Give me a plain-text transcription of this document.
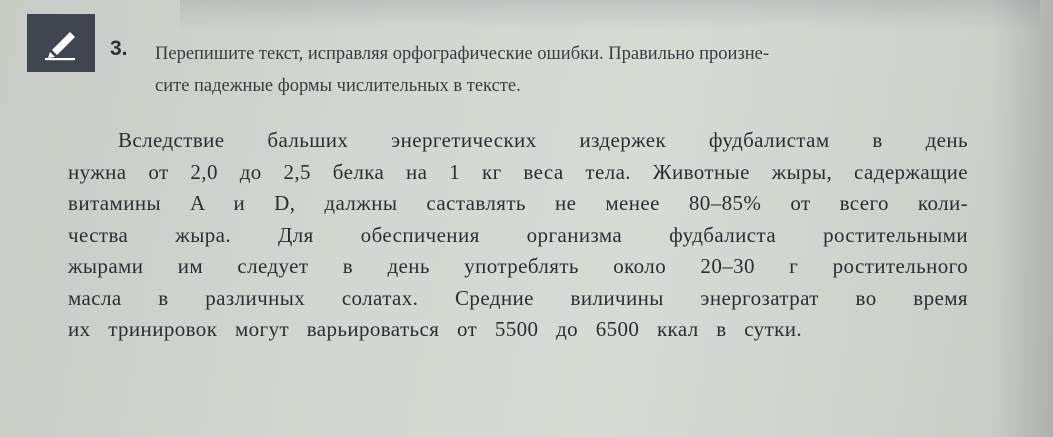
3. Перепишите текст, исправляя орфографические ошибки. Правильно произне-
сите падежные формы числительных в тексте.
Вследствие бальших энергетических издержек фудбалистам в день
нужна от 2,0 до 2,5 белка на 1 кг веса тела. Животные жыры, садержащие
витамины A и D, далжны саставлять не менее 80–85% от всего коли-
чества жыра. Для обеспичения организма фудбалиста ростительными
жырами им следует в день употреблять около 20–30 г ростительного
масла в различных солатах. Средние виличины энергозатрат во время
их тринировок могут варьироваться от 5500 до 6500 ккал в сутки.
